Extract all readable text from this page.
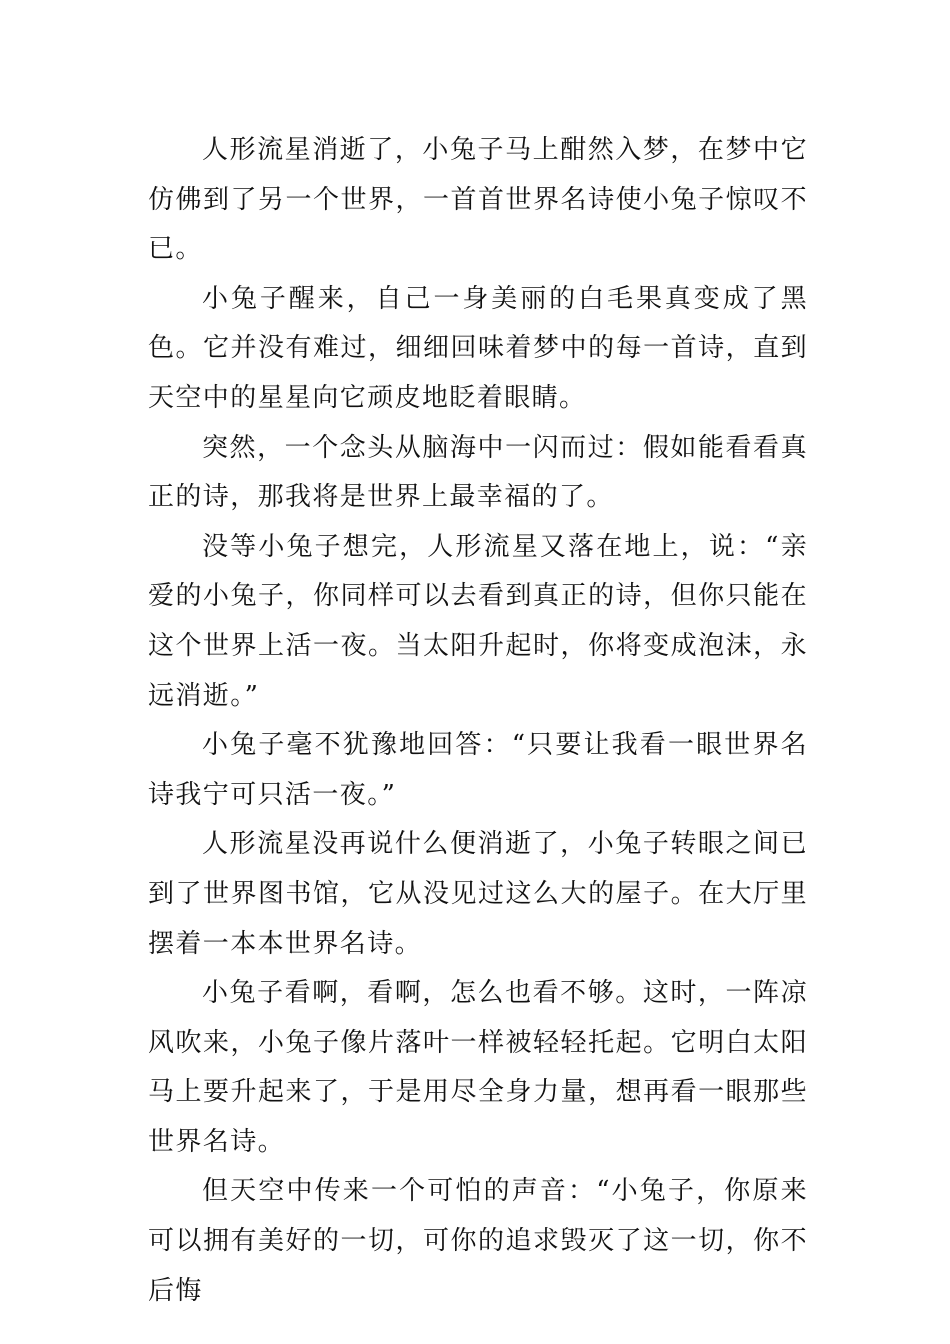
人形流星消逝了，小兔子马上酣然入梦，在梦中它仿佛到了另一个世界，一首首世界名诗使小兔子惊叹不已。

小兔子醒来，自己一身美丽的白毛果真变成了黑色。它并没有难过，细细回味着梦中的每一首诗，直到天空中的星星向它顽皮地眨着眼睛。

突然，一个念头从脑海中一闪而过：假如能看看真正的诗，那我将是世界上最幸福的了。

没等小兔子想完，人形流星又落在地上，说：“亲爱的小兔子，你同样可以去看到真正的诗，但你只能在这个世界上活一夜。当太阳升起时，你将变成泡沫，永远消逝。”

小兔子毫不犹豫地回答：“只要让我看一眼世界名诗我宁可只活一夜。”

人形流星没再说什么便消逝了，小兔子转眼之间已到了世界图书馆，它从没见过这么大的屋子。在大厅里摆着一本本世界名诗。

小兔子看啊，看啊，怎么也看不够。这时，一阵凉风吹来，小兔子像片落叶一样被轻轻托起。它明白太阳马上要升起来了，于是用尽全身力量，想再看一眼那些世界名诗。

但天空中传来一个可怕的声音：“小兔子，你原来可以拥有美好的一切，可你的追求毁灭了这一切，你不后悔
